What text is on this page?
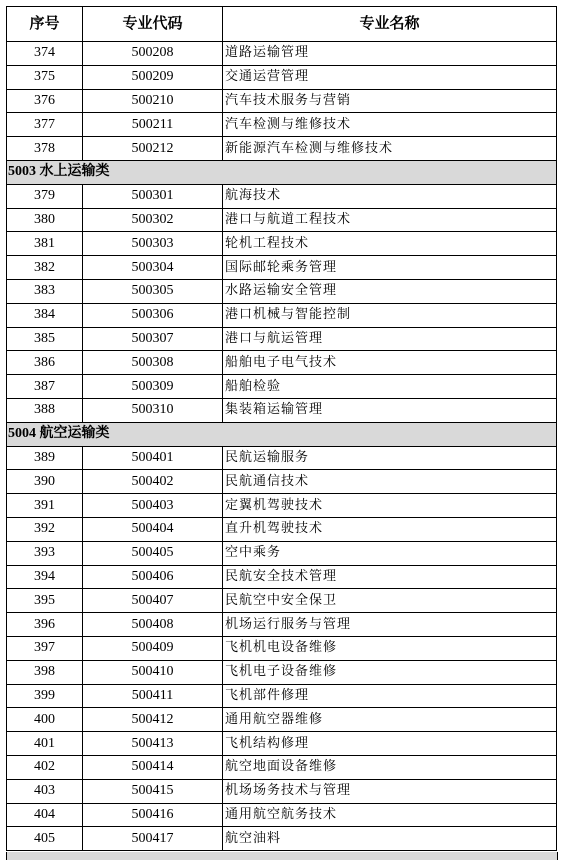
序号	专业代码	专业名称
374	500208	道路运输管理
375	500209	交通运营管理
376	500210	汽车技术服务与营销
377	500211	汽车检测与维修技术
378	500212	新能源汽车检测与维修技术
5003 水上运输类		
379	500301	航海技术
380	500302	港口与航道工程技术
381	500303	轮机工程技术
382	500304	国际邮轮乘务管理
383	500305	水路运输安全管理
384	500306	港口机械与智能控制
385	500307	港口与航运管理
386	500308	船舶电子电气技术
387	500309	船舶检验
388	500310	集装箱运输管理
5004 航空运输类		
389	500401	民航运输服务
390	500402	民航通信技术
391	500403	定翼机驾驶技术
392	500404	直升机驾驶技术
393	500405	空中乘务
394	500406	民航安全技术管理
395	500407	民航空中安全保卫
396	500408	机场运行服务与管理
397	500409	飞机机电设备维修
398	500410	飞机电子设备维修
399	500411	飞机部件修理
400	500412	通用航空器维修
401	500413	飞机结构修理
402	500414	航空地面设备维修
403	500415	机场场务技术与管理
404	500416	通用航空航务技术
405	500417	航空油料
